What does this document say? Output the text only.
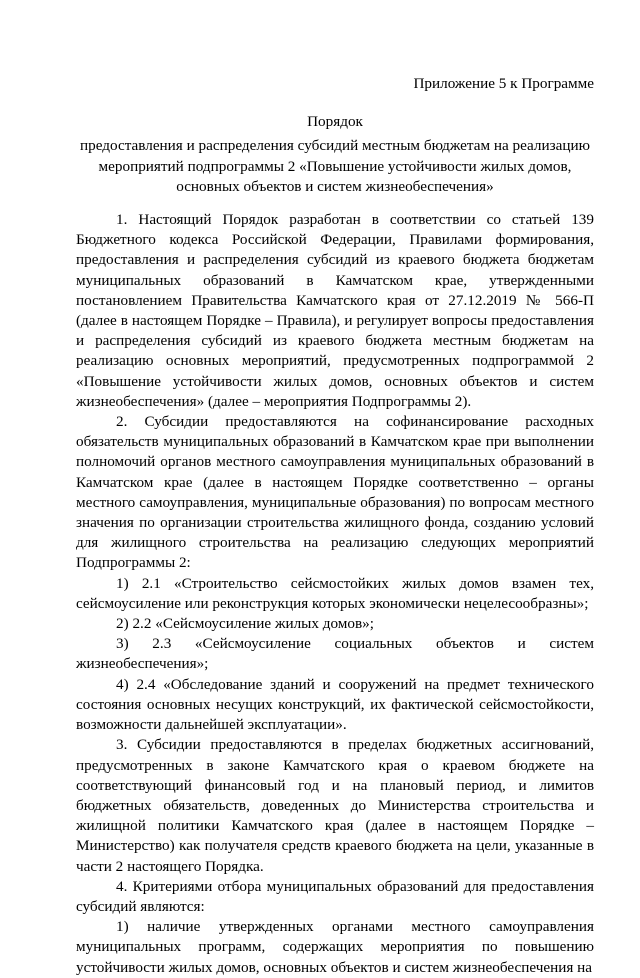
Приложение 5 к Программе

Порядок
предоставления и распределения субсидий местным бюджетам на реализацию мероприятий подпрограммы 2 «Повышение устойчивости жилых домов, основных объектов и систем жизнеобеспечения»

1. Настоящий Порядок разработан в соответствии со статьей 139 Бюджетного кодекса Российской Федерации, Правилами формирования, предоставления и распределения субсидий из краевого бюджета бюджетам муниципальных образований в Камчатском крае, утвержденными постановлением Правительства Камчатского края от 27.12.2019 № 566-П (далее в настоящем Порядке – Правила), и регулирует вопросы предоставления и распределения субсидий из краевого бюджета местным бюджетам на реализацию основных мероприятий, предусмотренных подпрограммой 2 «Повышение устойчивости жилых домов, основных объектов и систем жизнеобеспечения» (далее – мероприятия Подпрограммы 2).

2. Субсидии предоставляются на софинансирование расходных обязательств муниципальных образований в Камчатском крае при выполнении полномочий органов местного самоуправления муниципальных образований в Камчатском крае (далее в настоящем Порядке соответственно – органы местного самоуправления, муниципальные образования) по вопросам местного значения по организации строительства жилищного фонда, созданию условий для жилищного строительства на реализацию следующих мероприятий Подпрограммы 2:

1) 2.1 «Строительство сейсмостойких жилых домов взамен тех, сейсмоусиление или реконструкция которых экономически нецелесообразны»;

2) 2.2 «Сейсмоусиление жилых домов»;

3) 2.3 «Сейсмоусиление социальных объектов и систем жизнеобеспечения»;

4) 2.4 «Обследование зданий и сооружений на предмет технического состояния основных несущих конструкций, их фактической сейсмостойкости, возможности дальнейшей эксплуатации».

3. Субсидии предоставляются в пределах бюджетных ассигнований, предусмотренных в законе Камчатского края о краевом бюджете на соответствующий финансовый год и на плановый период, и лимитов бюджетных обязательств, доведенных до Министерства строительства и жилищной политики Камчатского края (далее в настоящем Порядке – Министерство) как получателя средств краевого бюджета на цели, указанные в части 2 настоящего Порядка.

4. Критериями отбора муниципальных образований для предоставления субсидий являются:

1) наличие утвержденных органами местного самоуправления муниципальных программ, содержащих мероприятия по повышению устойчивости жилых домов, основных объектов и систем жизнеобеспечения на
